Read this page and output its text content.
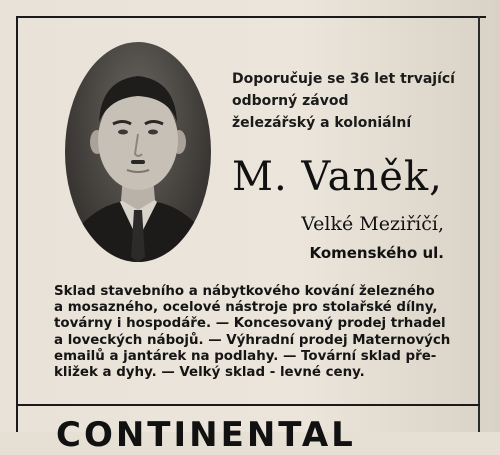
Doporučuje se 36 let trvající
odborný závod
železářský a koloniální
M. Vaněk,
Velké Meziříčí,
Komenského ul.
Sklad stavebního a nábytkového kování železného
a mosazného, ocelové nástroje pro stolařské dílny,
továrny i hospodáře. — Koncesovaný prodej trhadel
a loveckých nábojů. — Výhradní prodej Maternových
emailů a jantárek na podlahy. — Tovární sklad pře-
kližek a dyhy. — Velký sklad - levné ceny.
CONTINENTAL
